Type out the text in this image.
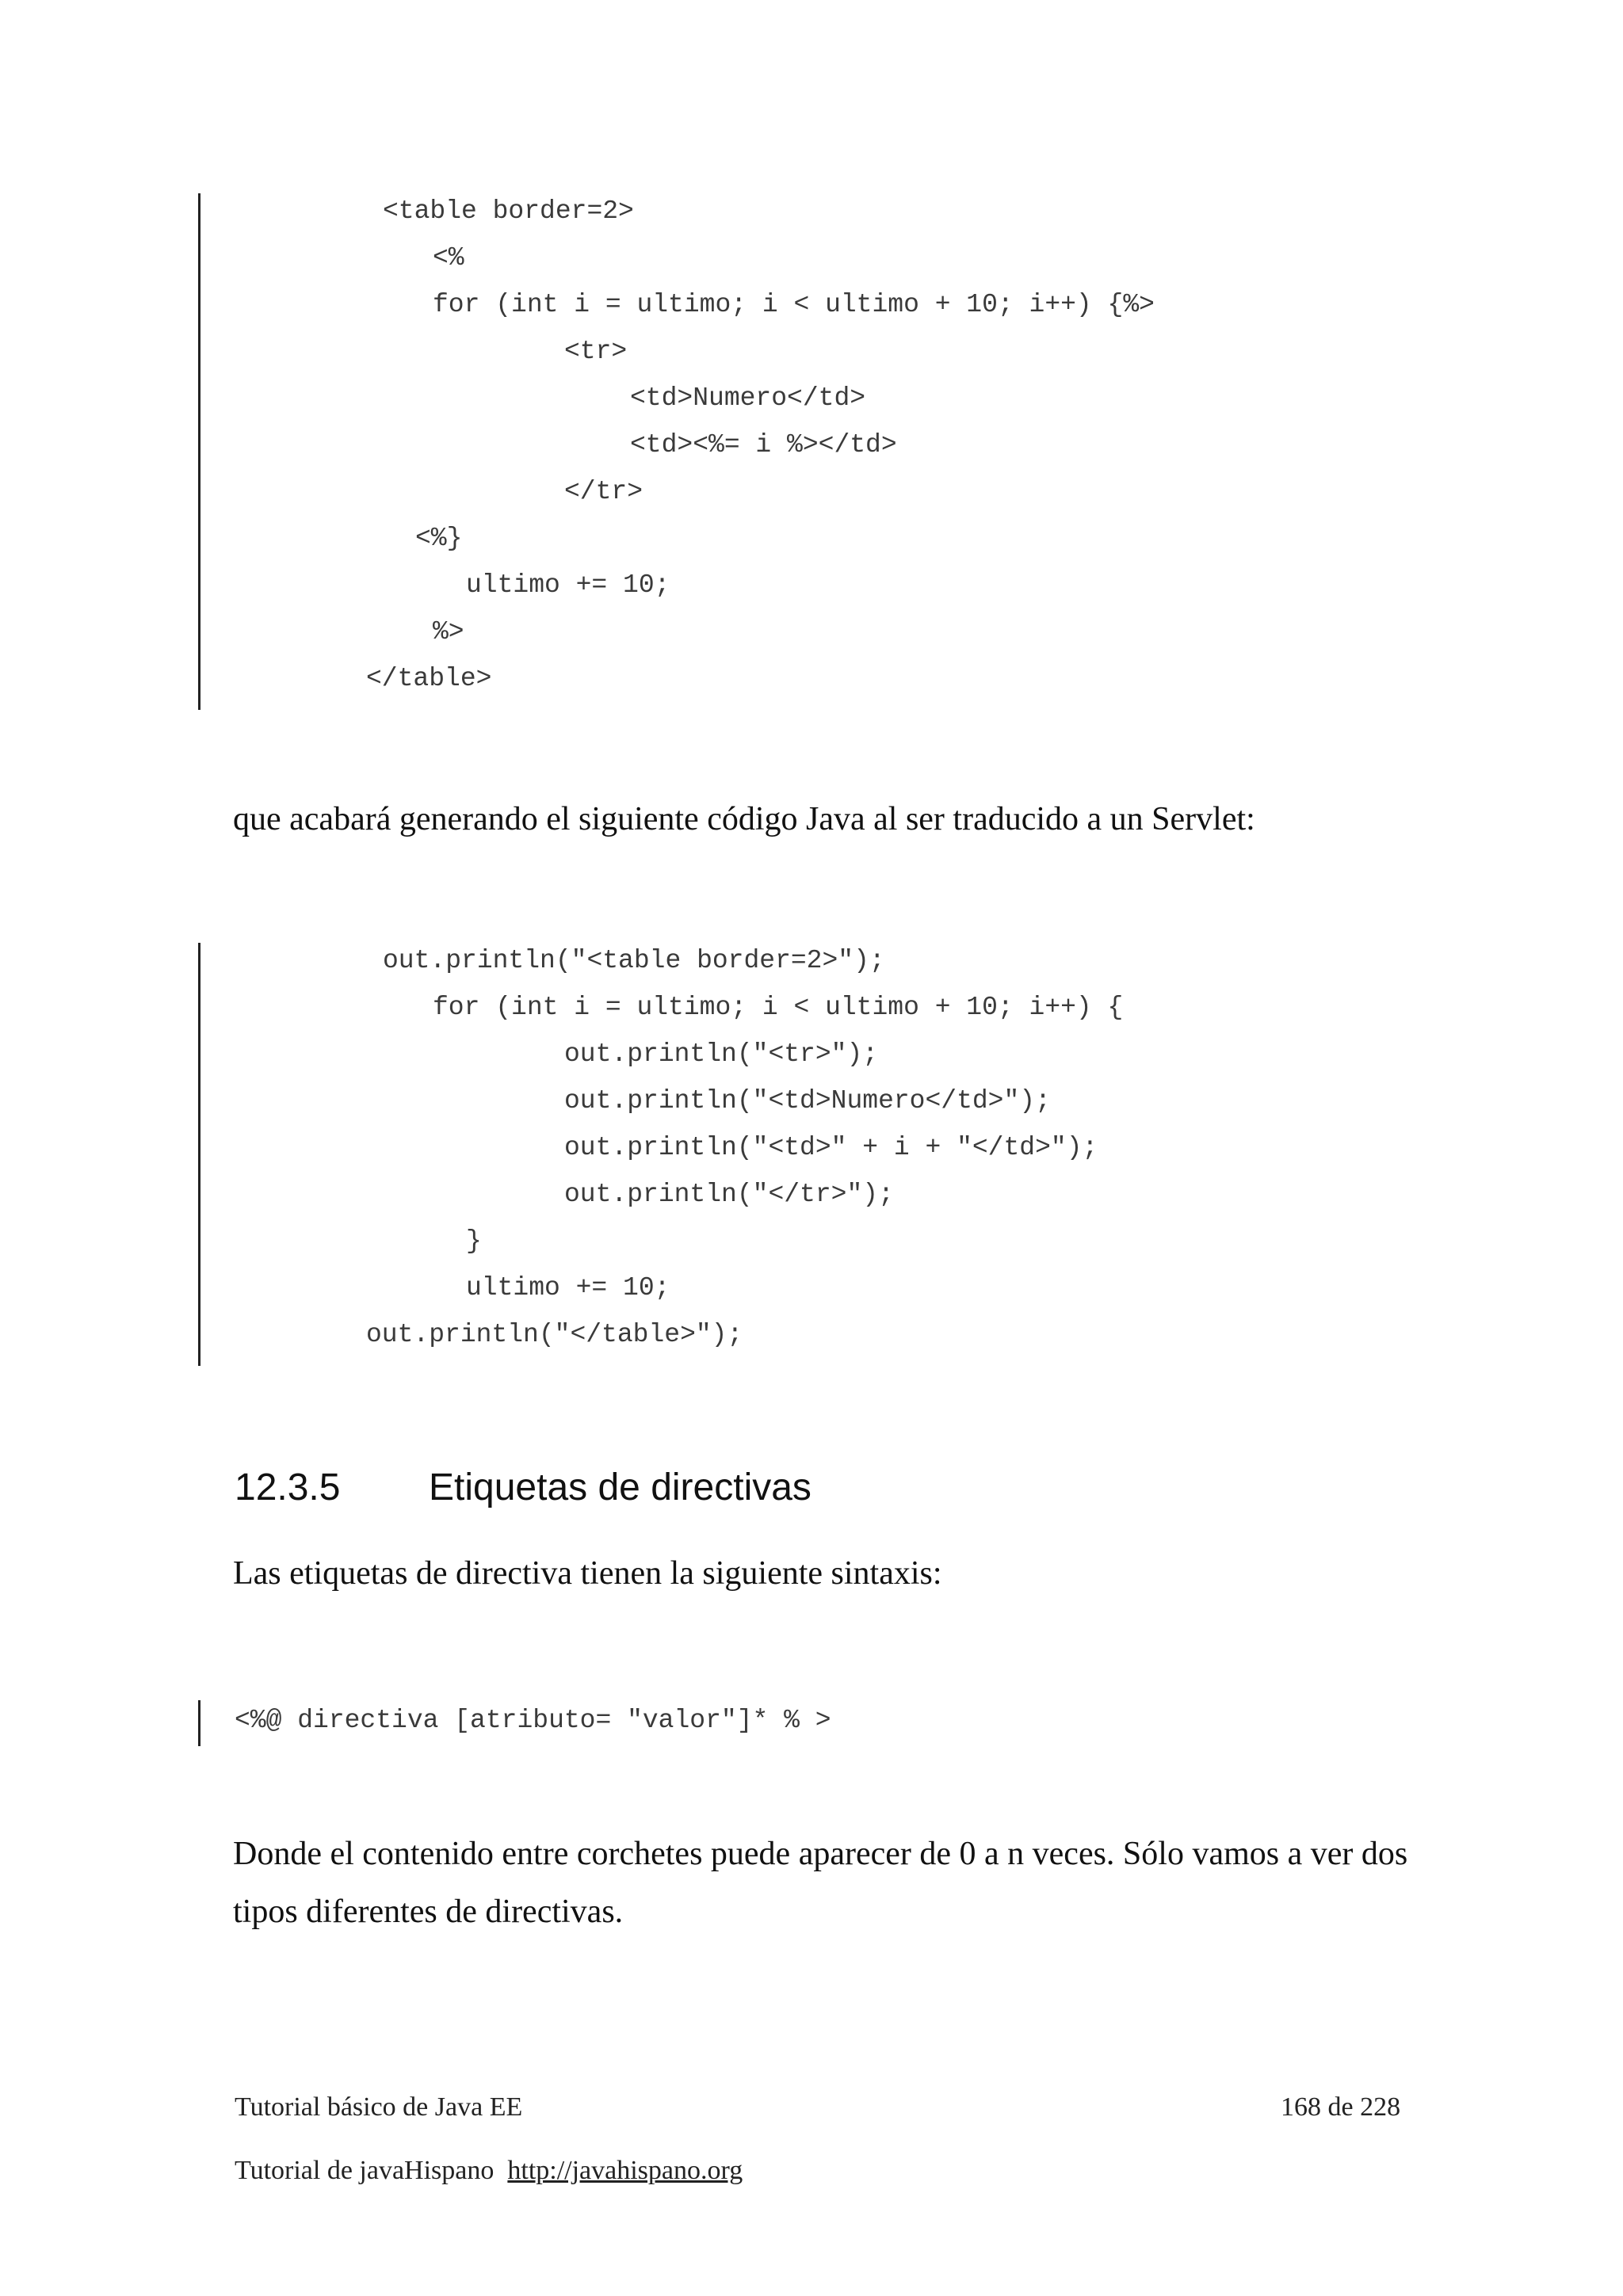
<table border=2>
<%
for (int i = ultimo; i < ultimo + 10; i++) {%>
<tr>
<td>Numero</td>
<td><%= i %></td>
</tr>
<%}
ultimo += 10;
%>
</table>
que acabará generando el siguiente código Java al ser traducido a un Servlet:
out.println("<table border=2>");
for (int i = ultimo; i < ultimo + 10; i++) {
out.println("<tr>");
out.println("<td>Numero</td>");
out.println("<td>" + i + "</td>");
out.println("</tr>");
}
ultimo += 10;
out.println("</table>");
12.3.5 Etiquetas de directivas
Las etiquetas de directiva tienen la siguiente sintaxis:
<%@ directiva [atributo= "valor"]* % >
Donde el contenido entre corchetes puede aparecer de 0 a n veces. Sólo vamos a ver dos
tipos diferentes de directivas.
Tutorial básico de Java EE	168 de 228
Tutorial de javaHispano http://javahispano.org
